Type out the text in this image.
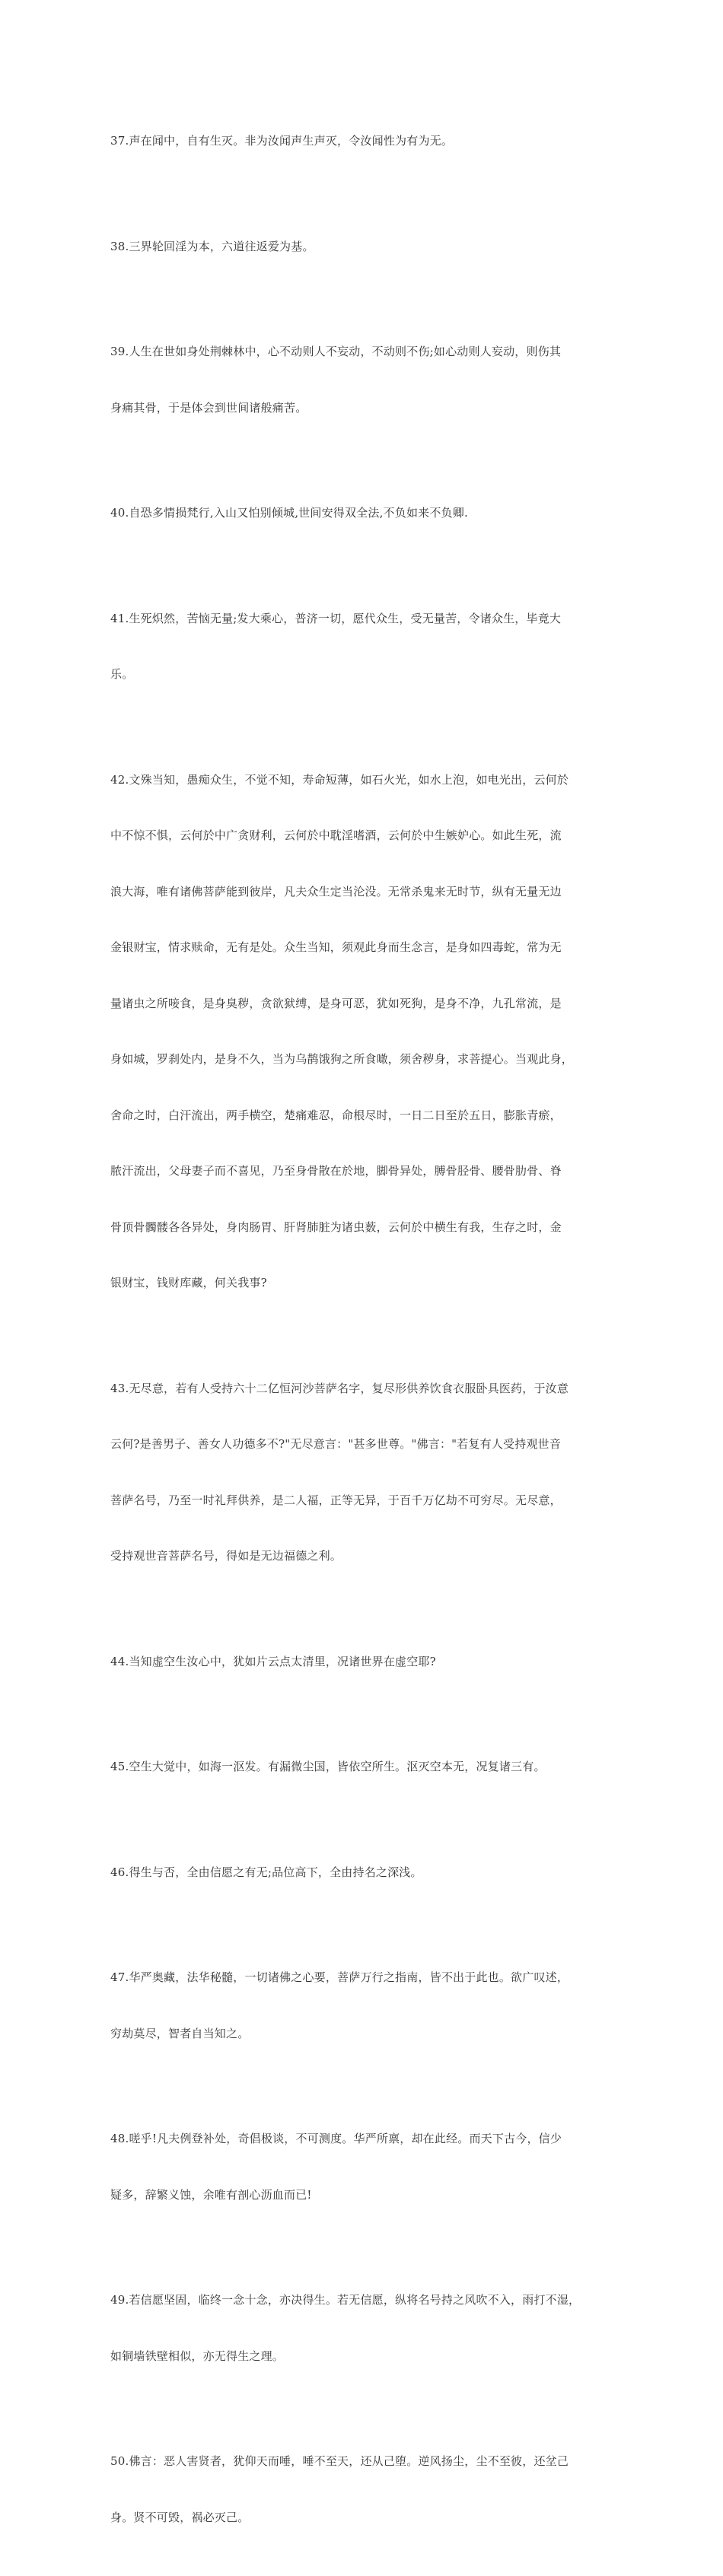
37.声在闻中，自有生灭。非为汝闻声生声灭，令汝闻性为有为无。

38.三界轮回淫为本，六道往返爱为基。

39.人生在世如身处荆棘林中，心不动则人不妄动，不动则不伤;如心动则人妄动，则伤其

身痛其骨，于是体会到世间诸般痛苦。

40.自恐多情损梵行,入山又怕别倾城,世间安得双全法,不负如来不负卿.

41.生死炽然，苦恼无量;发大乘心，普济一切，愿代众生，受无量苦，令诸众生，毕竟大

乐。

42.文殊当知，愚痴众生，不觉不知，寿命短薄，如石火光，如水上泡，如电光出，云何於

中不惊不惧，云何於中广贪财利，云何於中耽淫嗜酒，云何於中生嫉妒心。如此生死，流

浪大海，唯有诸佛菩萨能到彼岸，凡夫众生定当沦没。无常杀鬼来无时节，纵有无量无边

金银财宝，情求赎命，无有是处。众生当知，须观此身而生念言，是身如四毒蛇，常为无

量诸虫之所唼食，是身臭秽，贪欲狱缚，是身可恶，犹如死狗，是身不净，九孔常流，是

身如城，罗刹处内，是身不久，当为乌鹊饿狗之所食噉，须舍秽身，求菩提心。当观此身，

舍命之时，白汗流出，两手横空，楚痛难忍，命根尽时，一日二日至於五日，膨胀青瘀，

脓汗流出，父母妻子而不喜见，乃至身骨散在於地，脚骨异处，膊骨胫骨、腰骨肋骨、脊

骨顶骨髑髅各各异处，身肉肠胃、肝肾肺脏为诸虫薮，云何於中横生有我，生存之时，金

银财宝，钱财库藏，何关我事?

43.无尽意，若有人受持六十二亿恒河沙菩萨名字，复尽形供养饮食衣服卧具医药，于汝意

云何?是善男子、善女人功德多不?"无尽意言："甚多世尊。"佛言："若复有人受持观世音

菩萨名号，乃至一时礼拜供养，是二人福，正等无异，于百千万亿劫不可穷尽。无尽意，

受持观世音菩萨名号，得如是无边福德之利。

44.当知虚空生汝心中，犹如片云点太清里，况诸世界在虚空耶?

45.空生大觉中，如海一沤发。有漏微尘国，皆依空所生。沤灭空本无，况复诸三有。

46.得生与否，全由信愿之有无;品位高下，全由持名之深浅。

47.华严奥藏，法华秘髓，一切诸佛之心要，菩萨万行之指南，皆不出于此也。欲广叹述，

穷劫莫尽，智者自当知之。

48.嗟乎!凡夫例登补处，奇倡极谈，不可测度。华严所禀，却在此经。而天下古今，信少

疑多，辞繁义蚀，余唯有剖心沥血而已!

49.若信愿坚固，临终一念十念，亦决得生。若无信愿，纵将名号持之风吹不入，雨打不湿，

如铜墙铁壁相似，亦无得生之理。

50.佛言：恶人害贤者，犹仰天而唾，唾不至天，还从己堕。逆风扬尘，尘不至彼，还坌己

身。贤不可毁，祸必灭己。
